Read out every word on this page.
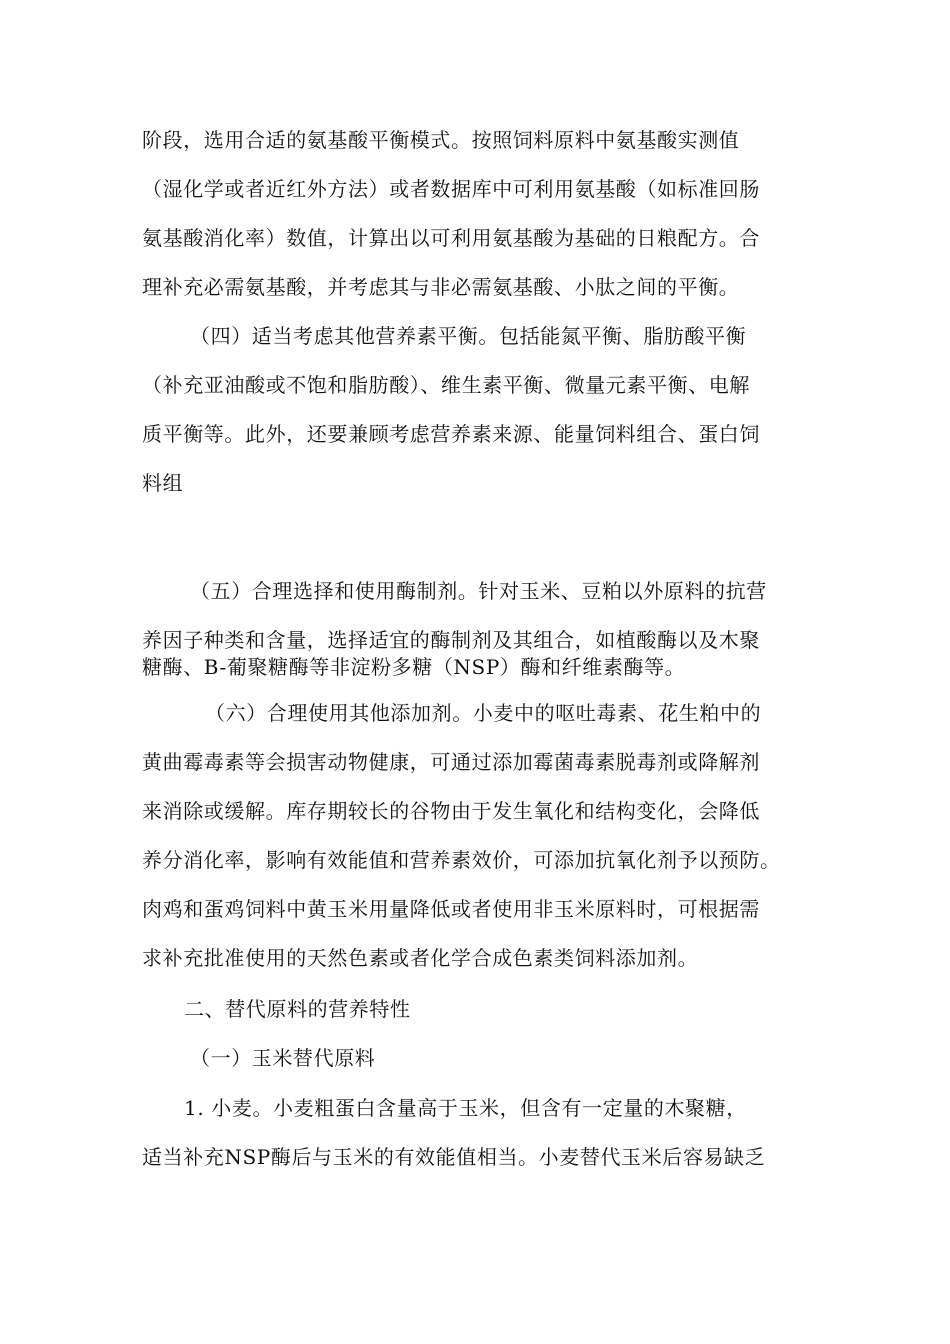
阶段，选用合适的氨基酸平衡模式。按照饲料原料中氨基酸实测值
（湿化学或者近红外方法）或者数据库中可利用氨基酸（如标准回肠
氨基酸消化率）数值，计算出以可利用氨基酸为基础的日粮配方。合
理补充必需氨基酸，并考虑其与非必需氨基酸、小肽之间的平衡。
（四）适当考虑其他营养素平衡。包括能氮平衡、脂肪酸平衡
（补充亚油酸或不饱和脂肪酸）、维生素平衡、微量元素平衡、电解
质平衡等。此外，还要兼顾考虑营养素来源、能量饲料组合、蛋白饲
料组
（五）合理选择和使用酶制剂。针对玉米、豆粕以外原料的抗营
养因子种类和含量，选择适宜的酶制剂及其组合，如植酸酶以及木聚
糖酶、B-葡聚糖酶等非淀粉多糖（NSP）酶和纤维素酶等。
（六）合理使用其他添加剂。小麦中的呕吐毒素、花生粕中的
黄曲霉毒素等会损害动物健康，可通过添加霉菌毒素脱毒剂或降解剂
来消除或缓解。库存期较长的谷物由于发生氧化和结构变化，会降低
养分消化率，影响有效能值和营养素效价，可添加抗氧化剂予以预防。
肉鸡和蛋鸡饲料中黄玉米用量降低或者使用非玉米原料时，可根据需
求补充批准使用的天然色素或者化学合成色素类饲料添加剂。
二、替代原料的营养特性
（一）玉米替代原料
1. 小麦。小麦粗蛋白含量高于玉米，但含有一定量的木聚糖，
适当补充NSP酶后与玉米的有效能值相当。小麦替代玉米后容易缺乏
